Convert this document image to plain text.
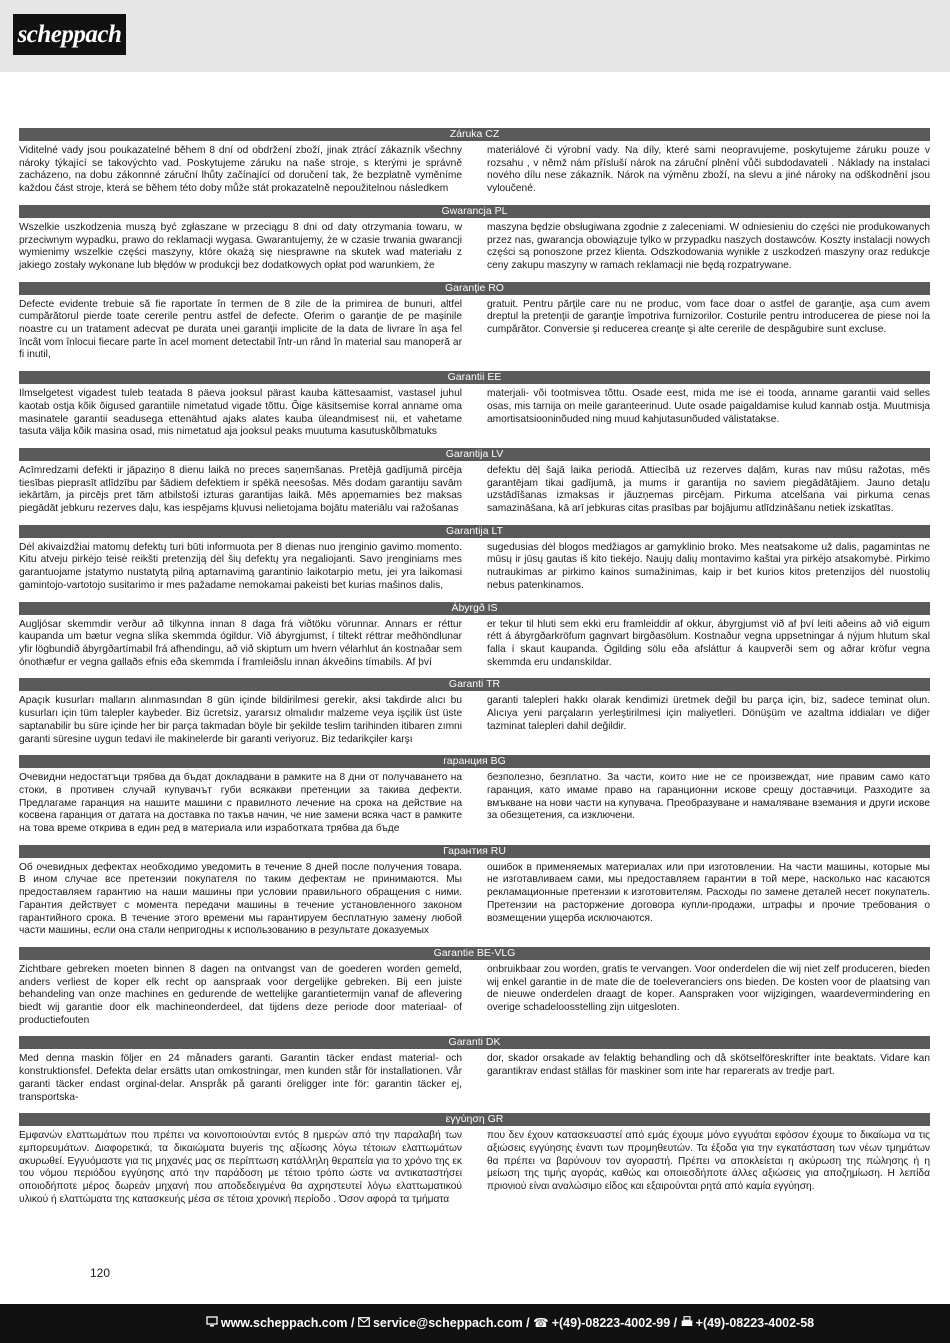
scheppach
Záruka CZ
Viditelné vady jsou poukazatelné během 8 dní od obdržení zboží, jinak ztrácí zákazník všechny nároky týkající se takovýchto vad. Poskytujeme záruku na naše stroje, s kterými je správně zacházeno, na dobu zákonnné záruční lhůty začínající od doručení tak, že bezplatně vyměníme každou část stroje, která se během této doby může stát prokazatelně nepoužitelnou následkem
materiálové či výrobní vady. Na díly, které sami neopravujeme, poskytujeme záruku pouze v rozsahu , v němž nám přísluší nárok na záruční plnění vůči subdodavateli . Náklady na instalaci nového dílu nese zákazník. Nárok na výměnu zboží, na slevu a jiné nároky na odškodnění jsou vyloučené.
Gwarancja PL
Wszelkie uszkodzenia muszą być zgłaszane w przeciągu 8 dni od daty otrzymania towaru, w przeciwnym wypadku, prawo do reklamacji wygasa. Gwarantujemy, że w czasie trwania gwarancji wymienimy wszelkie części maszyny, które okażą się niesprawne na skutek wad materiału z jakiego zostały wykonane lub błędów w produkcji bez dodatkowych opłat pod warunkiem, że
maszyna będzie obsługiwana zgodnie z zaleceniami. W odniesieniu do części nie produkowanych przez nas, gwarancja obowiązuje tylko w przypadku naszych dostawców. Koszty instalacji nowych części są ponoszone przez klienta. Odszkodowania wynikłe z uszkodzeń maszyny oraz redukcje ceny zakupu maszyny w ramach reklamacji nie będą rozpatrywane.
Garanţie RO
Defecte evidente trebuie să fie raportate în termen de 8 zile de la primirea de bunuri, altfel cumpărătorul pierde toate cererile pentru astfel de defecte. Oferim o garanţie de pe maşinile noastre cu un tratament adecvat pe durata unei garanţii implicite de la data de livrare în aşa fel încât vom înlocui fiecare parte în acel moment detectabil într-un rând în material sau manoperă ar fi inutil,
gratuit. Pentru părţile care nu ne produc, vom face doar o astfel de garanţie, aşa cum avem dreptul la pretenţii de garanţie împotriva furnizorilor. Costurile pentru introducerea de piese noi la cumpărător. Conversie şi reducerea creanţe şi alte cererile de despăgubire sunt excluse.
Garantii EE
Ilmselgetest vigadest tuleb teatada 8 päeva jooksul pärast kauba kättesaamist, vastasel juhul kaotab ostja kõik õigused garantiile nimetatud vigade tõttu. Õige käsitsemise korral anname oma masinatele garantii seadusega ettenähtud ajaks alates kauba üleandmisest nii, et vahetame tasuta välja kõik masina osad, mis nimetatud aja jooksul peaks muutuma kasutuskõlbmatuks
materjali- või tootmisvea tõttu. Osade eest, mida me ise ei tooda, anname garantii vaid selles osas, mis tarnija on meile garanteerinud. Uute osade paigaldamise kulud kannab ostja. Muutmisja amortisatsiooninõuded ning muud kahjutasunõuded välistatakse.
Garantija LV
Acīmredzami defekti ir jāpaziņo 8 dienu laikā no preces saņemšanas. Pretējā gadījumā pircēja tiesības pieprasīt atlīdzību par šādiem defektiem ir spēkā neesošas. Mēs dodam garantiju savām iekārtām, ja pircējs pret tām atbilstoši izturas garantijas laikā. Mēs apņemamies bez maksas piegādāt jebkuru rezerves daļu, kas iespējams kļuvusi nelietojama bojātu materiālu vai ražošanas
defektu dēļ šajā laika periodā. Attiecībā uz rezerves daļām, kuras nav mūsu ražotas, mēs garantējam tikai gadījumā, ja mums ir garantija no saviem piegādātājiem. Jauno detaļu uzstādīšanas izmaksas ir jāuzņemas pircējam. Pirkuma atcelšana vai pirkuma cenas samazināšana, kā arī jebkuras citas prasības par bojājumu atlīdzināšanu netiek izskatītas.
Garantija LT
Dėl akivaizdžiai matomų defektų turi būti informuota per 8 dienas nuo įrenginio gavimo momento. Kitu atveju pirkėjo teisė reikšti pretenziją dėl šių defektų yra negaliojanti. Savo įrenginiams mes garantuojame įstatymo nustatytą pilną aptarnavimą garantinio laikotarpio metu, jei yra laikomasi gamintojo-vartotojo susitarimo ir mes pažadame nemokamai pakeisti bet kurias mašinos dalis,
sugedusias dėl blogos medžiagos ar gamyklinio broko. Mes neatsakome už dalis, pagamintas ne mūsų ir jūsų gautas iš kito tiekėjo. Naujų dalių montavimo kaštai yra pirkėjo atsakomybė. Pirkimo nutraukimas ar pirkimo kainos sumažinimas, kaip ir bet kurios kitos pretenzijos dėl nuostolių nebus patenkinamos.
Ábyrgð IS
Augljósar skemmdir verður að tilkynna innan 8 daga frá viðtöku vörunnar. Annars er réttur kaupanda um bætur vegna slíka skemmda ógildur. Við ábyrgjumst, í tiltekt réttrar meðhöndlunar yfir lögbundið ábyrgðartímabil frá afhendingu, að við skiptum um hvern vélarhlut án kostnaðar sem ónothæfur er vegna gallaðs efnis eða skemmda í framleiðslu innan ákveðins tímabils. Af því
er tekur til hluti sem ekki eru framleiddir af okkur, ábyrgjumst við af því leiti aðeins að við eigum rétt á ábyrgðarkröfum gagnvart birgðasölum. Kostnaður vegna uppsetningar á nýjum hlutum skal falla í skaut kaupanda. Ógilding sölu eða afsláttur á kaupverði sem og aðrar kröfur vegna skemmda eru undanskildar.
Garanti TR
Apaçık kusurları malların alınmasından 8 gün içinde bildirilmesi gerekir, aksi takdirde alıcı bu kusurları için tüm talepler kaybeder. Biz ücretsiz, yararsız olmalıdır malzeme veya işçilik üst üste saptanabilir bu süre içinde her bir parça takmadan böyle bir şekilde teslim tarihinden itibaren zımni garanti süresine uygun tedavi ile makinelerde bir garanti veriyoruz. Biz tedarikçiler karşı
garanti talepleri hakkı olarak kendimizi üretmek değil bu parça için, biz, sadece teminat olun. Alıcıya yeni parçaların yerleştirilmesi için maliyetleri. Dönüşüm ve azaltma iddiaları ve diğer tazminat talepleri dahil değildir.
гаранция BG
Очевидни недостатъци трябва да бъдат докладвани в рамките на 8 дни от получаването на стоки, в противен случай купувачът губи всякакви претенции за такива дефекти. Предлагаме гаранция на нашите машини с правилното лечение на срока на действие на косвена гаранция от датата на доставка по такъв начин, че ние замени всяка част в рамките на това време открива в един ред в материала или изработката трябва да бъде
безполезно, безплатно. За части, които ние не се произвеждат, ние правим само като гаранция, като имаме право на гаранционни искове срещу доставчици. Разходите за вмъкване на нови части на купувача. Преобразуване и намаляване вземания и други искове за обезщетения, са изключени.
Гарантия RU
Об очевидных дефектах необходимо уведомить в течение 8 дней после получения товара. В ином случае все претензии покупателя по таким дефектам не принимаются. Мы предоставляем гарантию на наши машины при условии правильного обращения с ними. Гарантия действует с момента передачи машины в течение установленного законом гарантийного срока. В течение этого времени мы гарантируем бесплатную замену любой части машины, если она стали непригодны к использованию в результате доказуемых
ошибок в применяемых материалах или при изготовлении. На части машины, которые мы не изготавливаем сами, мы предоставляем гарантии в той мере, насколько нас касаются рекламационные претензии к изготовителям. Расходы по замене деталей несет покупатель. Претензии на расторжение договора купли-продажи, штрафы и прочие требования о возмещении ущерба исключаются.
Garantie BE-VLG
Zichtbare gebreken moeten binnen 8 dagen na ontvangst van de goederen worden gemeld, anders verliest de koper elk recht op aanspraak voor dergelijke gebreken. Bij een juiste behandeling van onze machines en gedurende de wettelijke garantietermijn vanaf de aflevering biedt wij garantie door elk machineonderdeel, dat tijdens deze periode door materiaal- of productiefouten
onbruikbaar zou worden, gratis te vervangen. Voor onderdelen die wij niet zelf produceren, bieden wij enkel garantie in de mate die de toeleveranciers ons bieden. De kosten voor de plaatsing van de nieuwe onderdelen draagt de koper. Aanspraken voor wijzigingen, waardevermindering en overige schadeloosstelling zijn uitgesloten.
Garanti DK
Med denna maskin följer en 24 månaders garanti. Garantin täcker endast material- och konstruktionsfel. Defekta delar ersätts utan omkostningar, men kunden står för installationen. Vår garanti täcker endast orginal-delar. Anspråk på garanti öreligger inte för: garantin täcker ej, transportska-
dor, skador orsakade av felaktig behandling och då skötselföreskrifter inte beaktats. Vidare kan garantikrav endast ställas för maskiner som inte har reparerats av tredje part.
εγγύηση GR
Εμφανών ελαττωμάτων που πρέπει να κοινοποιούνται εντός 8 ημερών από την παραλαβή των εμπορευμάτων. Διαφορετικά, τα δικαιώματα buyeris της αξίωσης λόγω τέτοιων ελαττωμάτων ακυρωθεί. Εγγυόμαστε για τις μηχανές μας σε περίπτωση κατάλληλη θεραπεία για το χρόνο της εκ του νόμου περιόδου εγγύησης από την παράδοση με τέτοιο τρόπο ώστε να αντικαταστήσει οποιοδήποτε μέρος δωρεάν μηχανή που αποδεδειγμένα θα αχρηστευτεί λόγω ελαττωματικού υλικού ή ελαττώματα της κατασκευής μέσα σε τέτοια χρονική περίοδο . Όσον αφορά τα τμήματα
που δεν έχουν κατασκευαστεί από εμάς έχουμε μόνο εγγυάται εφόσον έχουμε το δικαίωμα να τις αξιώσεις εγγύησης έναντι των προμηθευτών. Τα έξοδα για την εγκατάσταση των νέων τμημάτων θα πρέπει να βαρύνουν τον αγοραστή. Πρέπει να αποκλείεται η ακύρωση της πώλησης ή η μείωση της τιμής αγοράς, καθώς και οποιεσδήποτε άλλες αξιώσεις για αποζημίωση. Η λεπίδα πριονιού είναι αναλώσιμο είδος και εξαιρούνται ρητά από καμία εγγύηση.
120
www.scheppach.com / service@scheppach.com / ☎ +(49)-08223-4002-99 / +(49)-08223-4002-58
